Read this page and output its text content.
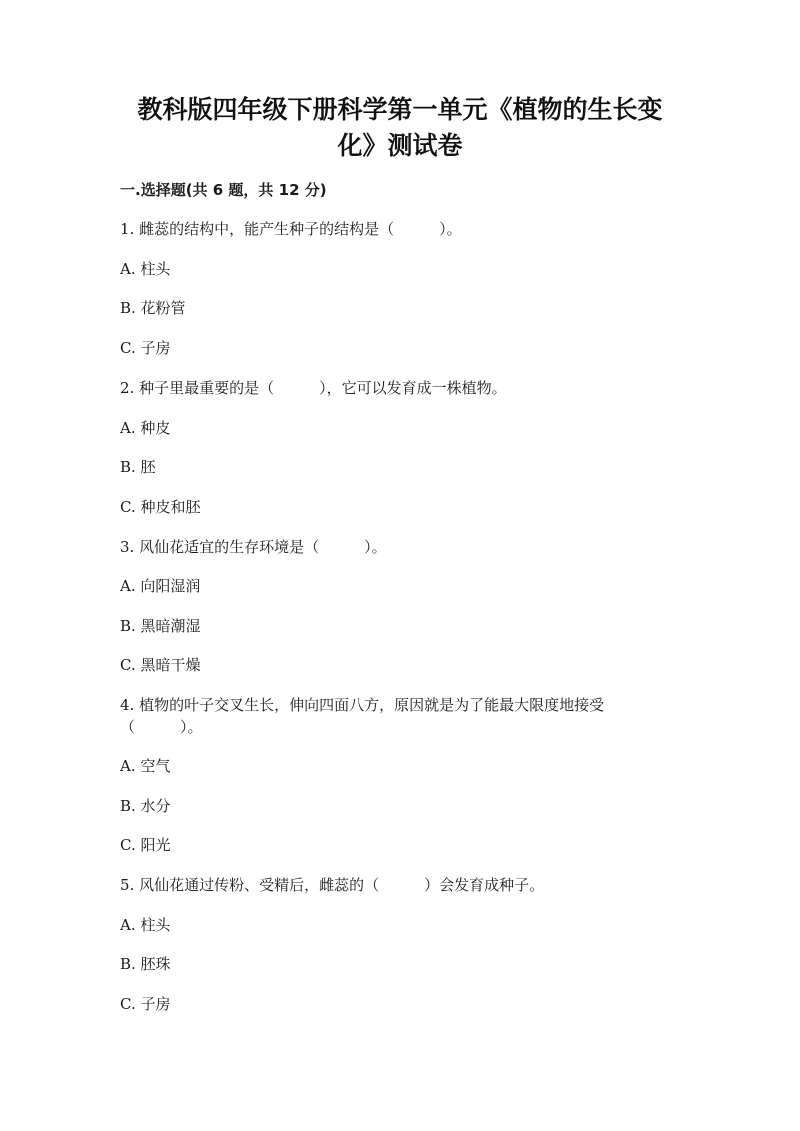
教科版四年级下册科学第一单元《植物的生长变
化》测试卷

一.选择题(共 6 题，共 12 分)

1. 雌蕊的结构中，能产生种子的结构是（　　　）。

A. 柱头

B. 花粉管

C. 子房

2. 种子里最重要的是（　　　），它可以发育成一株植物。

A. 种皮

B. 胚

C. 种皮和胚

3. 风仙花适宜的生存环境是（　　　）。

A. 向阳湿润

B. 黑暗潮湿

C. 黑暗干燥

4. 植物的叶子交叉生长，伸向四面八方，原因就是为了能最大限度地接受

（　　　）。

A. 空气

B. 水分

C. 阳光

5. 风仙花通过传粉、受精后，雌蕊的（　　　）会发育成种子。

A. 柱头

B. 胚珠

C. 子房
